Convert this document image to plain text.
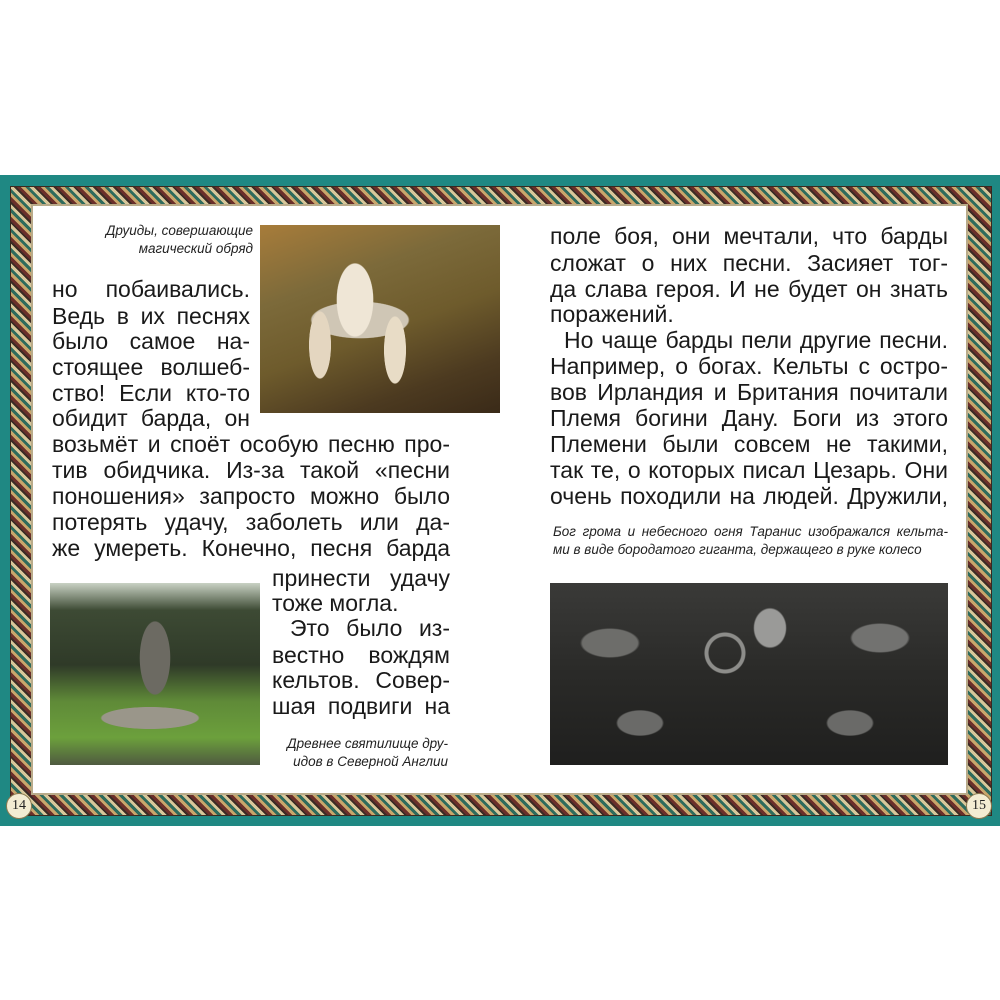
Друиды, совершающие
магический обряд
Древнее святилище дру-
идов в Северной Англии
но побаивались.
Ведь в их песнях
было самое на-
стоящее волшеб-
ство! Если кто-то
обидит барда, он
возьмёт и споёт особую песню про-
тив обидчика. Из-за такой «песни
поношения» запросто можно было
потерять удачу, заболеть или да-
же умереть. Конечно, песня барда
принести удачу
тоже могла.
Это было из-
вестно вождям
кельтов. Совер-
шая подвиги на
поле боя, они мечтали, что барды
сложат о них песни. Засияет тог-
да слава героя. И не будет он знать
поражений.
Но чаще барды пели другие песни.
Например, о богах. Кельты с остро-
вов Ирландия и Британия почитали
Племя богини Дану. Боги из этого
Племени были совсем не такими,
так те, о которых писал Цезарь. Они
очень походили на людей. Дружили,
Бог грома и небесного огня Таранис изображался кельта-
ми в виде бородатого гиганта, держащего в руке колесо
14	15
